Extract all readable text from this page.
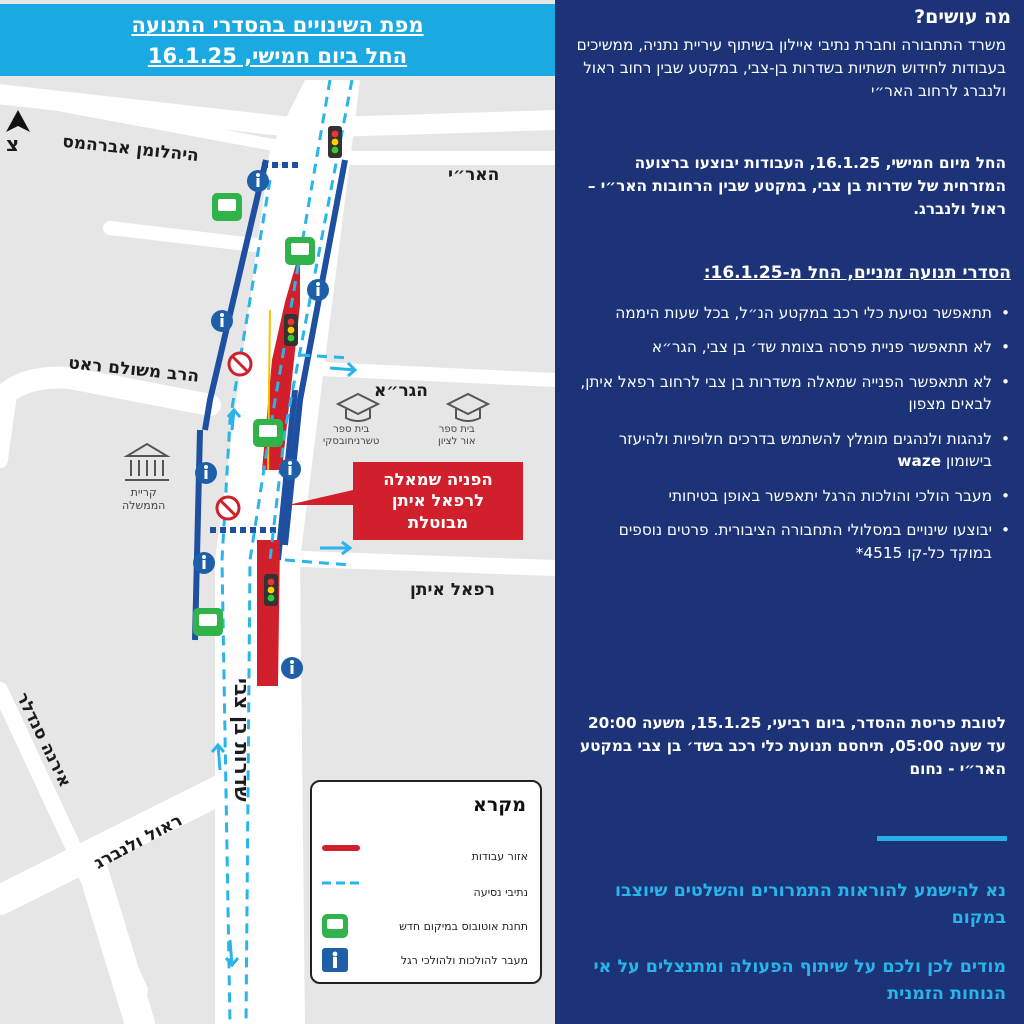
מפת השינויים בהסדרי התנועה
החל ביום חמישי, 16.1.25
צ היהלומן אברהמס
האר״י
הרב משולם ראט
הגר״א
רפאל איתן
שדרות בן צבי
ראול ולנברג
אירנה סנדלר
בית ספר
אור לציון
בית ספר
טשרניחובסקי
קריית
הממשלה
הפניה שמאלה
לרפאל איתן
מבוטלת
מקרא
אזור עבודות
נתיבי נסיעה
תחנת אוטובוס במיקום חדש
מעבר להולכות ולהולכי רגל
מה עושים?
משרד התחבורה וחברת נתיבי איילון בשיתוף עיריית נתניה, ממשיכים בעבודות לחידוש תשתיות בשדרות בן-צבי, במקטע שבין רחוב ראול ולנברג לרחוב האר״י
החל מיום חמישי, 16.1.25, העבודות יבוצעו ברצועה המזרחית של שדרות בן צבי, במקטע שבין הרחובות האר״י – ראול ולנברג.
הסדרי תנועה זמניים, החל מ-16.1.25:
• תתאפשר נסיעת כלי רכב במקטע הנ״ל, בכל שעות היממה
• לא תתאפשר פניית פרסה בצומת שד׳ בן צבי, הגר״א
• לא תתאפשר הפנייה שמאלה משדרות בן צבי לרחוב רפאל איתן, לבאים מצפון
• לנהגות ולנהגים מומלץ להשתמש בדרכים חלופיות ולהיעזר בישומון waze
• מעבר הולכי והולכות הרגל יתאפשר באופן בטיחותי
• יבוצעו שינויים במסלולי התחבורה הציבורית. פרטים נוספים במוקד כל-קו 4515*
לטובת פריסת ההסדר, ביום רביעי, 15.1.25, משעה 20:00 עד שעה 05:00, תיחסם תנועת כלי רכב בשד׳ בן צבי במקטע האר״י - נחום
נא להישמע להוראות התמרורים והשלטים שיוצבו במקום
מודים לכן ולכם על שיתוף הפעולה ומתנצלים על אי הנוחות הזמנית
